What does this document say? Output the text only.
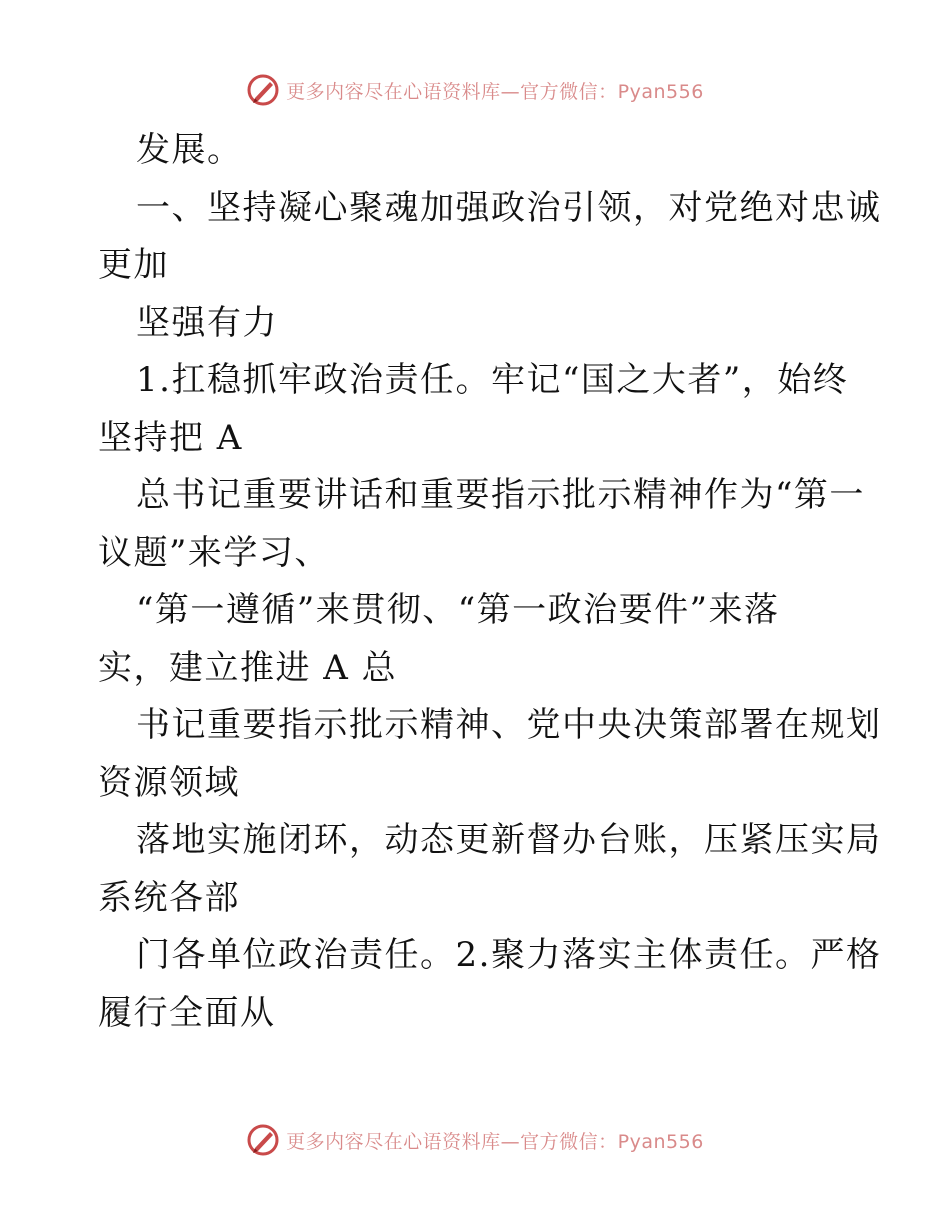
更多内容尽在心语资料库—官方微信：Pyan556
发展。
一、坚持凝心聚魂加强政治引领，对党绝对忠诚
更加
坚强有力
1.扛稳抓牢政治责任。牢记“国之大者”，始终
坚持把 A
总书记重要讲话和重要指示批示精神作为“第一
议题”来学习、
“第一遵循”来贯彻、“第一政治要件”来落
实，建立推进 A 总
书记重要指示批示精神、党中央决策部署在规划
资源领域
落地实施闭环，动态更新督办台账，压紧压实局
系统各部
门各单位政治责任。2.聚力落实主体责任。严格
履行全面从
更多内容尽在心语资料库—官方微信：Pyan556
